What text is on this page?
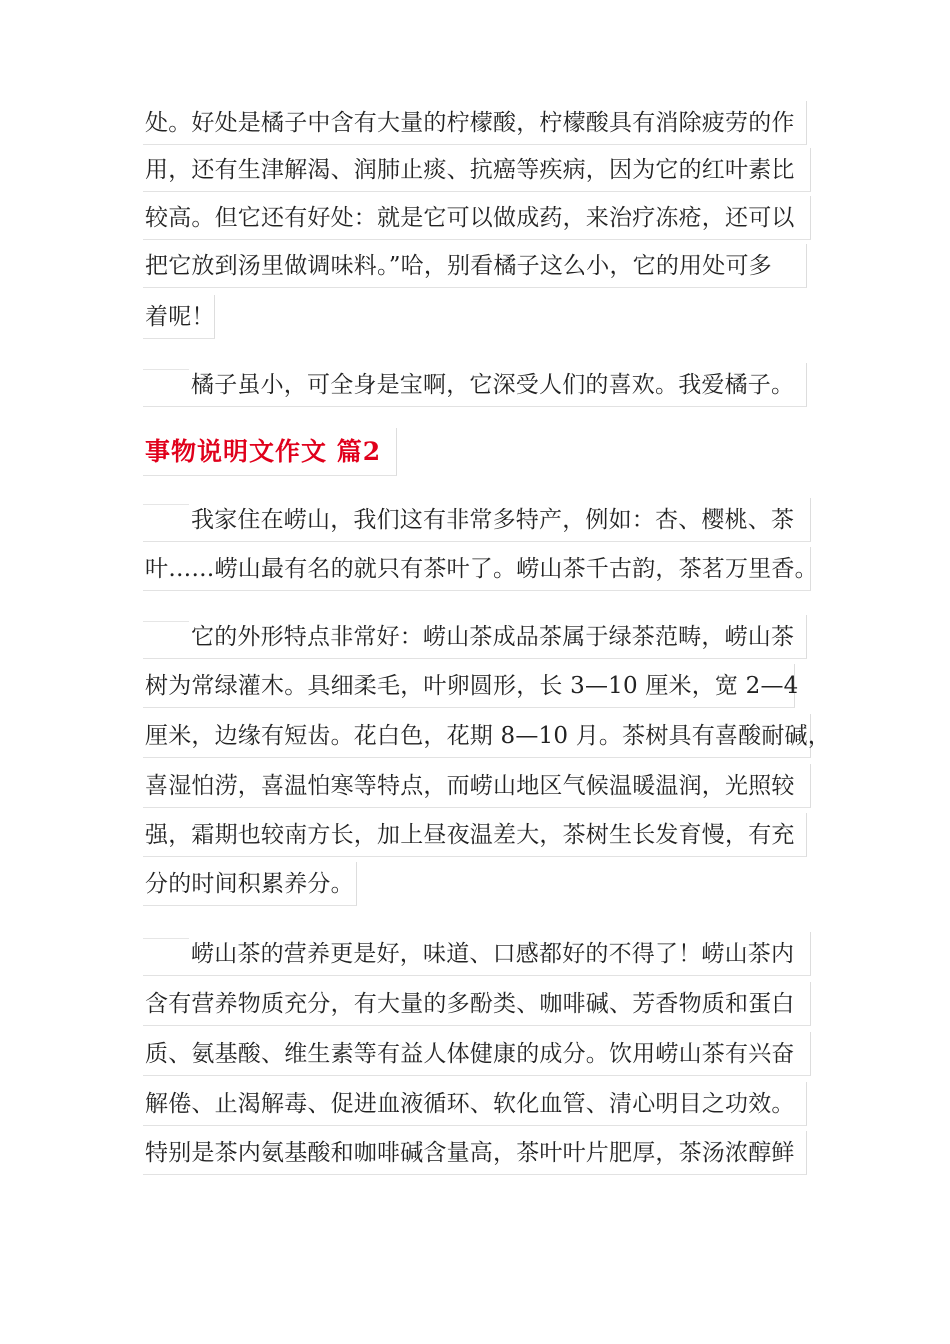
处。好处是橘子中含有大量的柠檬酸，柠檬酸具有消除疲劳的作
用，还有生津解渴、润肺止痰、抗癌等疾病，因为它的红叶素比
较高。但它还有好处：就是它可以做成药，来治疗冻疮，还可以
把它放到汤里做调味料。”哈，别看橘子这么小，它的用处可多
着呢！
橘子虽小，可全身是宝啊，它深受人们的喜欢。我爱橘子。
事物说明文作文 篇2
我家住在崂山，我们这有非常多特产，例如：杏、樱桃、茶
叶……崂山最有名的就只有茶叶了。崂山茶千古韵，茶茗万里香。
它的外形特点非常好：崂山茶成品茶属于绿茶范畴，崂山茶
树为常绿灌木。具细柔毛，叶卵圆形，长 3—10 厘米，宽 2—4
厘米，边缘有短齿。花白色，花期 8—10 月。茶树具有喜酸耐碱，
喜湿怕涝，喜温怕寒等特点，而崂山地区气候温暖温润，光照较
强，霜期也较南方长，加上昼夜温差大，茶树生长发育慢，有充
分的时间积累养分。
崂山茶的营养更是好，味道、口感都好的不得了！崂山茶内
含有营养物质充分，有大量的多酚类、咖啡碱、芳香物质和蛋白
质、氨基酸、维生素等有益人体健康的成分。饮用崂山茶有兴奋
解倦、止渴解毒、促进血液循环、软化血管、清心明目之功效。
特别是茶内氨基酸和咖啡碱含量高，茶叶叶片肥厚，茶汤浓醇鲜
